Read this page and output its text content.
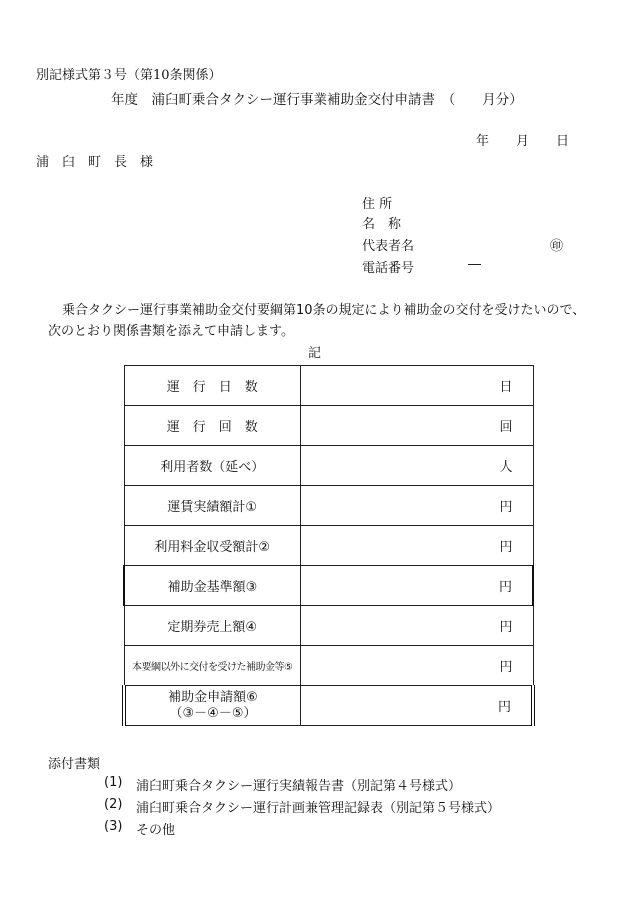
別記様式第３号（第10条関係）
年度　浦臼町乗合タクシー運行事業補助金交付申請書　（　　月分）
年 月 日
浦　臼　町　長　様
住 所
名　称
代表者名	㊞
電話番号	―
乗合タクシー運行事業補助金交付要綱第10条の規定により補助金の交付を受けたいので、
次のとおり関係書類を添えて申請します。
記
運　行　日　数	日
運　行　回　数	回
利用者数（延べ）	人
運賃実績額計①	円
利用料金収受額計②	円
補助金基準額③	円
定期券売上額④	円
本要綱以外に交付を受けた補助金等⑤	円

補助金申請額⑥
（③－④－⑤）	円
添付書類
(1) 浦臼町乗合タクシー運行実績報告書（別記第４号様式）
(2) 浦臼町乗合タクシー運行計画兼管理記録表（別記第５号様式）
(3) その他
